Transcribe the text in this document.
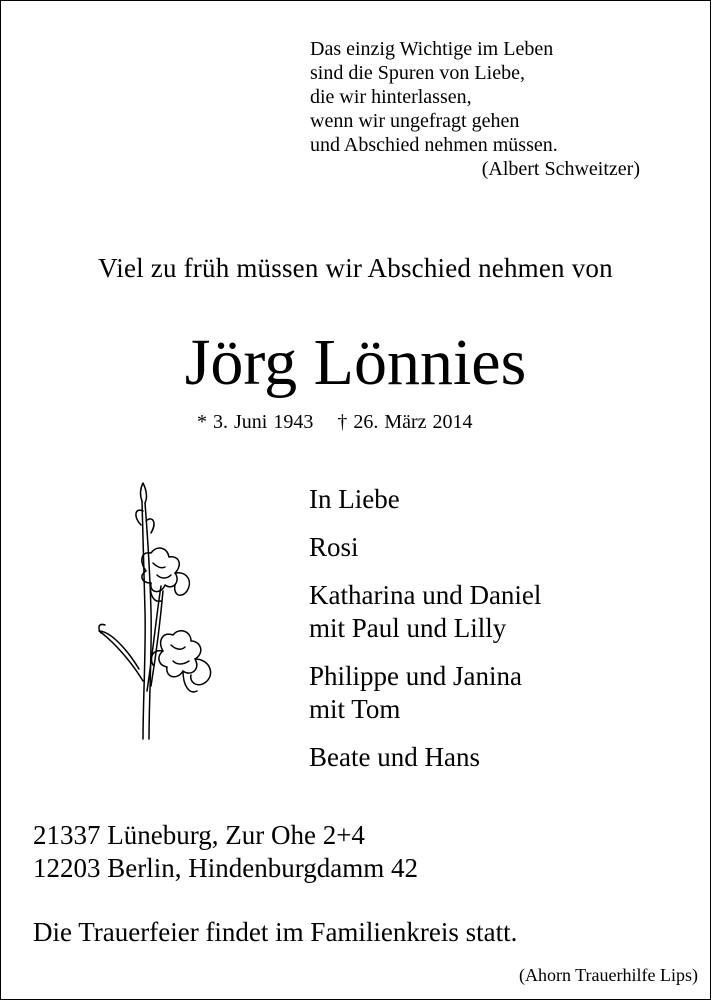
Das einzig Wichtige im Leben
sind die Spuren von Liebe,
die wir hinterlassen,
wenn wir ungefragt gehen
und Abschied nehmen müssen.
(Albert Schweitzer)
Viel zu früh müssen wir Abschied nehmen von
Jörg Lönnies
* 3. Juni 1943 † 26. März 2014
In Liebe
Rosi
Katharina und Daniel
mit Paul und Lilly
Philippe und Janina
mit Tom
Beate und Hans
21337 Lüneburg, Zur Ohe 2+4
12203 Berlin, Hindenburgdamm 42
Die Trauerfeier findet im Familienkreis statt.
(Ahorn Trauerhilfe Lips)
